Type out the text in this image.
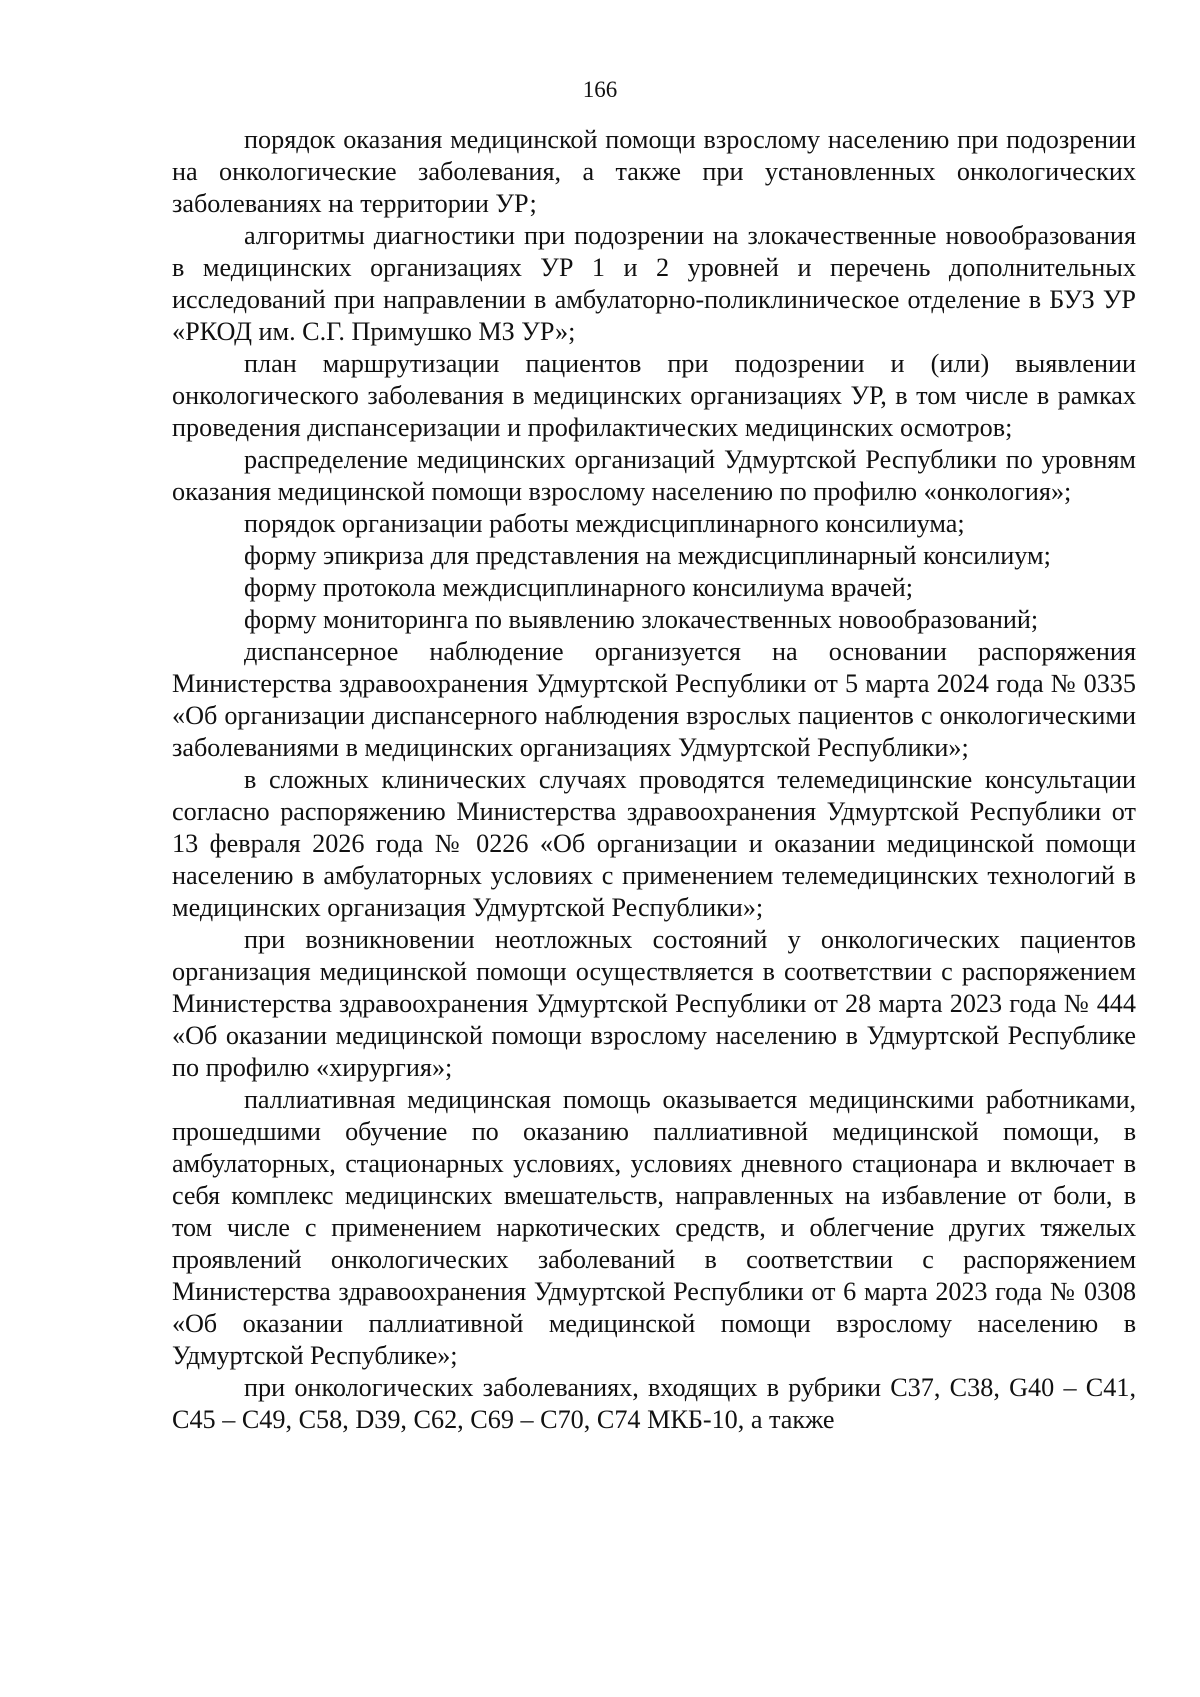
166

порядок оказания медицинской помощи взрослому населению при подозрении на онкологические заболевания, а также при установленных онкологических заболеваниях на территории УР;

алгоритмы диагностики при подозрении на злокачественные новообразования в медицинских организациях УР 1 и 2 уровней и перечень дополнительных исследований при направлении в амбулаторно-поликлиническое отделение в БУЗ УР «РКОД им. С.Г. Примушко МЗ УР»;

план маршрутизации пациентов при подозрении и (или) выявлении онкологического заболевания в медицинских организациях УР, в том числе в рамках проведения диспансеризации и профилактических медицинских осмотров;

распределение медицинских организаций Удмуртской Республики по уровням оказания медицинской помощи взрослому населению по профилю «онкология»;

порядок организации работы междисциплинарного консилиума;

форму эпикриза для представления на междисциплинарный консилиум;

форму протокола междисциплинарного консилиума врачей;

форму мониторинга по выявлению злокачественных новообразований;

диспансерное наблюдение организуется на основании распоряжения Министерства здравоохранения Удмуртской Республики от 5 марта 2024 года № 0335 «Об организации диспансерного наблюдения взрослых пациентов с онкологическими заболеваниями в медицинских организациях Удмуртской Республики»;

в сложных клинических случаях проводятся телемедицинские консультации согласно распоряжению Министерства здравоохранения Удмуртской Республики от 13 февраля 2026 года № 0226 «Об организации и оказании медицинской помощи населению в амбулаторных условиях с применением телемедицинских технологий в медицинских организация Удмуртской Республики»;

при возникновении неотложных состояний у онкологических пациентов организация медицинской помощи осуществляется в соответствии с распоряжением Министерства здравоохранения Удмуртской Республики от 28 марта 2023 года № 444 «Об оказании медицинской помощи взрослому населению в Удмуртской Республике по профилю «хирургия»;

паллиативная медицинская помощь оказывается медицинскими работниками, прошедшими обучение по оказанию паллиативной медицинской помощи, в амбулаторных, стационарных условиях, условиях дневного стационара и включает в себя комплекс медицинских вмешательств, направленных на избавление от боли, в том числе с применением наркотических средств, и облегчение других тяжелых проявлений онкологических заболеваний в соответствии с распоряжением Министерства здравоохранения Удмуртской Республики от 6 марта 2023 года № 0308 «Об оказании паллиативной медицинской помощи взрослому населению в Удмуртской Республике»;

при онкологических заболеваниях, входящих в рубрики C37, C38, G40 – C41, C45 – C49, C58, D39, C62, C69 – C70, C74 МКБ-10, а также
